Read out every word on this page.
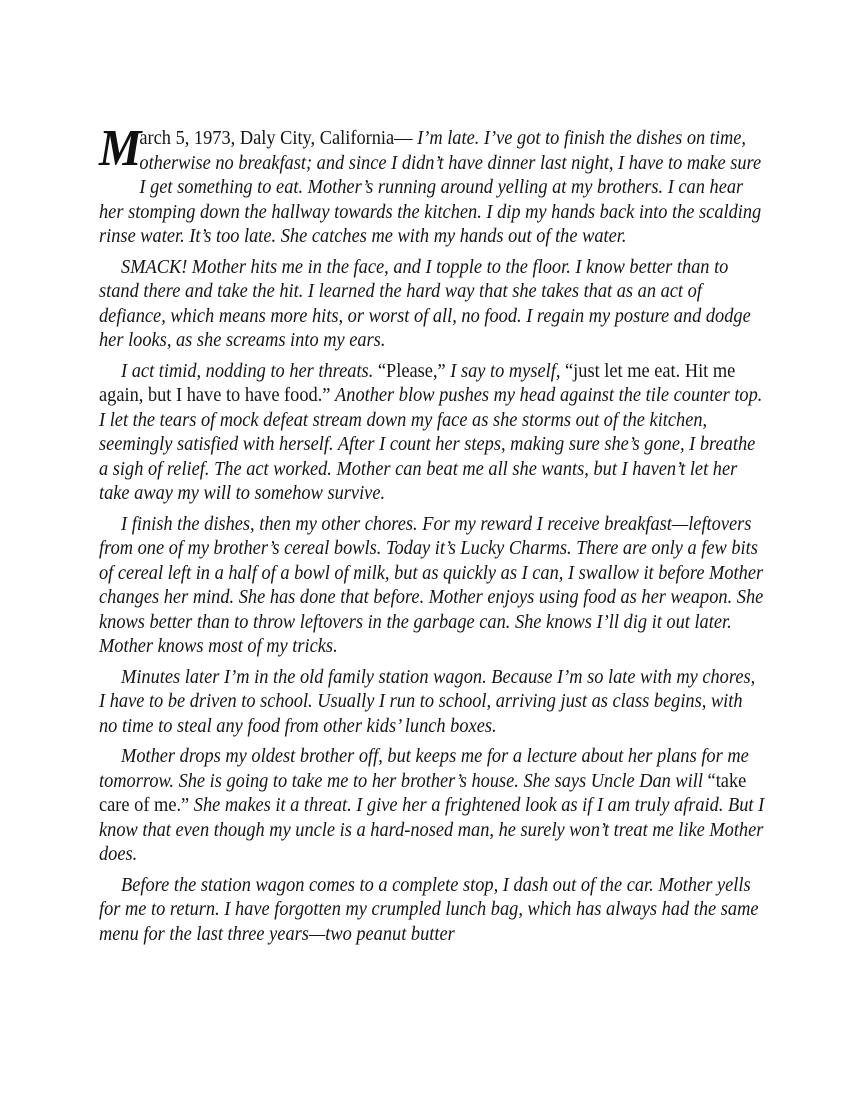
M
arch 5, 1973, Daly City, California— I’m late. I’ve got to finish the dishes on time, otherwise no breakfast; and since I didn’t have dinner last night, I have to make sure I get something to eat. Mother’s running around yelling at my brothers. I can hear her stomping down the hallway towards the kitchen. I dip my hands back into the scalding rinse water. It’s too late. She catches me with my hands out of the water.

SMACK! Mother hits me in the face, and I topple to the floor. I know better than to stand there and take the hit. I learned the hard way that she takes that as an act of defiance, which means more hits, or worst of all, no food. I regain my posture and dodge her looks, as she screams into my ears.

I act timid, nodding to her threats. “Please,” I say to myself, “just let me eat. Hit me again, but I have to have food.” Another blow pushes my head against the tile counter top. I let the tears of mock defeat stream down my face as she storms out of the kitchen, seemingly satisfied with herself. After I count her steps, making sure she’s gone, I breathe a sigh of relief. The act worked. Mother can beat me all she wants, but I haven’t let her take away my will to somehow survive.

I finish the dishes, then my other chores. For my reward I receive breakfast—leftovers from one of my brother’s cereal bowls. Today it’s Lucky Charms. There are only a few bits of cereal left in a half of a bowl of milk, but as quickly as I can, I swallow it before Mother changes her mind. She has done that before. Mother enjoys using food as her weapon. She knows better than to throw leftovers in the garbage can. She knows I’ll dig it out later. Mother knows most of my tricks.

Minutes later I’m in the old family station wagon. Because I’m so late with my chores, I have to be driven to school. Usually I run to school, arriving just as class begins, with no time to steal any food from other kids’ lunch boxes.

Mother drops my oldest brother off, but keeps me for a lecture about her plans for me tomorrow. She is going to take me to her brother’s house. She says Uncle Dan will “take care of me.” She makes it a threat. I give her a frightened look as if I am truly afraid. But I know that even though my uncle is a hard-nosed man, he surely won’t treat me like Mother does.

Before the station wagon comes to a complete stop, I dash out of the car. Mother yells for me to return. I have forgotten my crumpled lunch bag, which has always had the same menu for the last three years—two peanut butter
